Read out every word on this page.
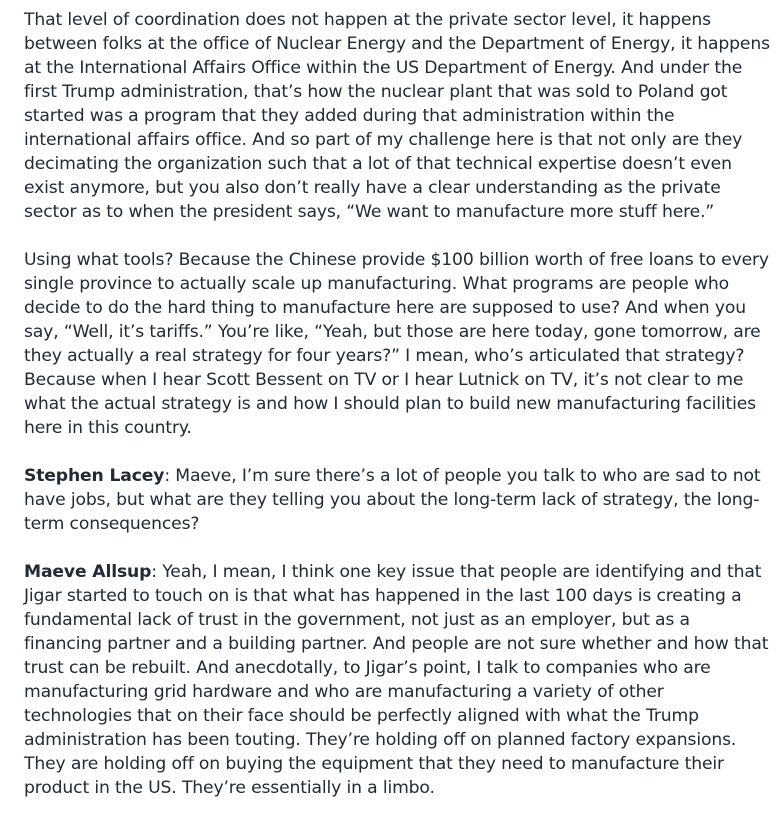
That level of coordination does not happen at the private sector level, it happens between folks at the office of Nuclear Energy and the Department of Energy, it happens at the International Affairs Office within the US Department of Energy. And under the first Trump administration, that’s how the nuclear plant that was sold to Poland got started was a program that they added during that administration within the international affairs office. And so part of my challenge here is that not only are they decimating the organization such that a lot of that technical expertise doesn’t even exist anymore, but you also don’t really have a clear understanding as the private sector as to when the president says, “We want to manufacture more stuff here.”

Using what tools? Because the Chinese provide $100 billion worth of free loans to every single province to actually scale up manufacturing. What programs are people who decide to do the hard thing to manufacture here are supposed to use? And when you say, “Well, it’s tariffs.” You’re like, “Yeah, but those are here today, gone tomorrow, are they actually a real strategy for four years?” I mean, who’s articulated that strategy? Because when I hear Scott Bessent on TV or I hear Lutnick on TV, it’s not clear to me what the actual strategy is and how I should plan to build new manufacturing facilities here in this country.

Stephen Lacey: Maeve, I’m sure there’s a lot of people you talk to who are sad to not have jobs, but what are they telling you about the long-term lack of strategy, the long-term consequences?

Maeve Allsup: Yeah, I mean, I think one key issue that people are identifying and that Jigar started to touch on is that what has happened in the last 100 days is creating a fundamental lack of trust in the government, not just as an employer, but as a financing partner and a building partner. And people are not sure whether and how that trust can be rebuilt. And anecdotally, to Jigar’s point, I talk to companies who are manufacturing grid hardware and who are manufacturing a variety of other technologies that on their face should be perfectly aligned with what the Trump administration has been touting. They’re holding off on planned factory expansions. They are holding off on buying the equipment that they need to manufacture their product in the US. They’re essentially in a limbo.
